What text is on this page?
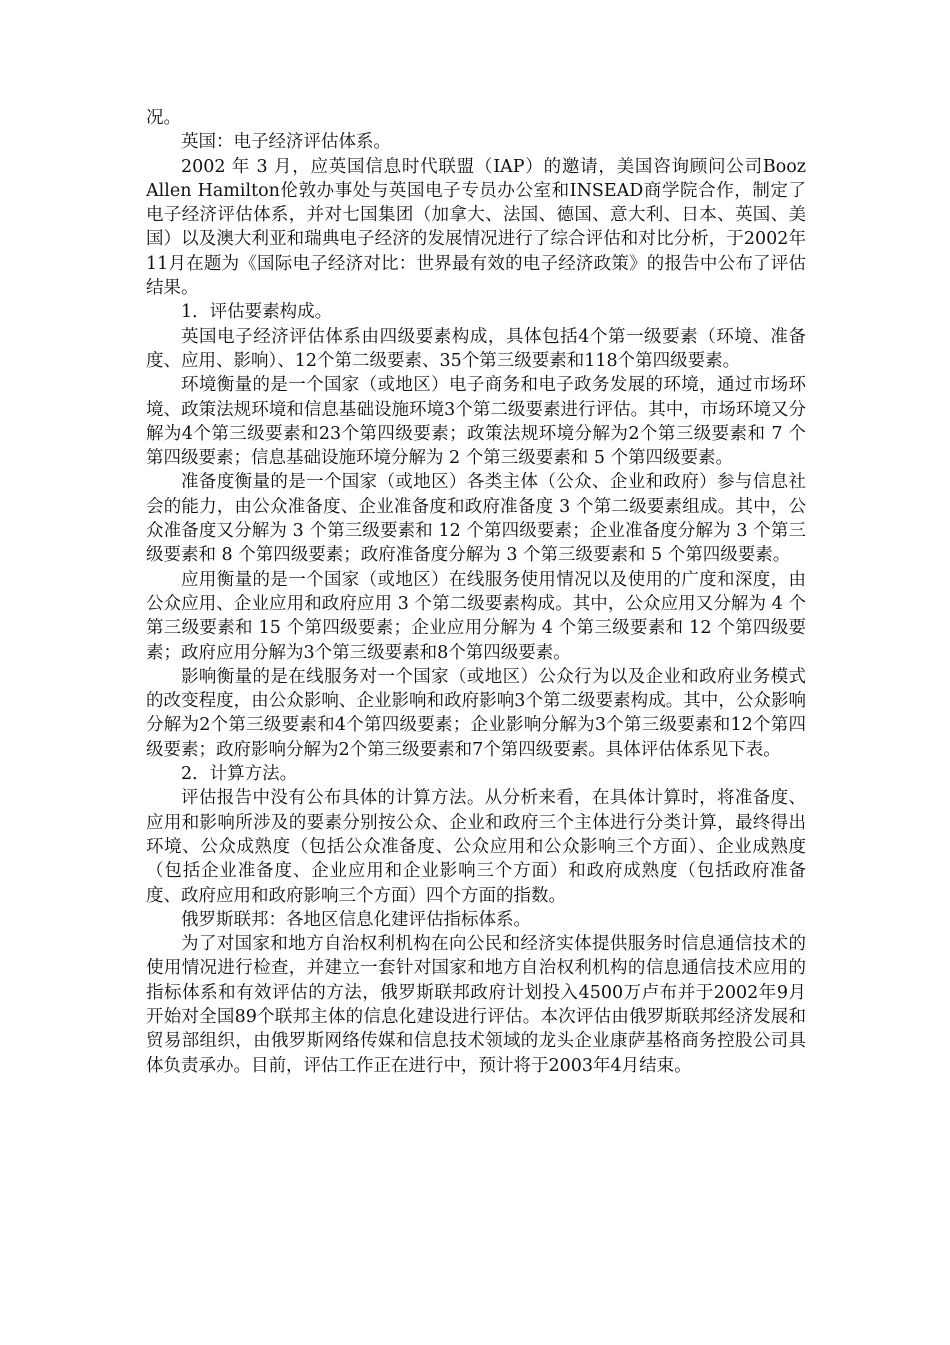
况。

英国：电子经济评估体系。

2002 年 3 月，应英国信息时代联盟（IAP）的邀请，美国咨询顾问公司Booz Allen Hamilton伦敦办事处与英国电子专员办公室和INSEAD商学院合作，制定了电子经济评估体系，并对七国集团（加拿大、法国、德国、意大利、日本、英国、美国）以及澳大利亚和瑞典电子经济的发展情况进行了综合评估和对比分析，于2002年11月在题为《国际电子经济对比：世界最有效的电子经济政策》的报告中公布了评估结果。

1．评估要素构成。

英国电子经济评估体系由四级要素构成，具体包括4个第一级要素（环境、准备度、应用、影响）、12个第二级要素、35个第三级要素和118个第四级要素。

环境衡量的是一个国家（或地区）电子商务和电子政务发展的环境，通过市场环境、政策法规环境和信息基础设施环境3个第二级要素进行评估。其中，市场环境又分解为4个第三级要素和23个第四级要素；政策法规环境分解为2个第三级要素和 7 个第四级要素；信息基础设施环境分解为 2 个第三级要素和 5 个第四级要素。

准备度衡量的是一个国家（或地区）各类主体（公众、企业和政府）参与信息社会的能力，由公众准备度、企业准备度和政府准备度 3 个第二级要素组成。其中，公众准备度又分解为 3 个第三级要素和 12 个第四级要素；企业准备度分解为 3 个第三级要素和 8 个第四级要素；政府准备度分解为 3 个第三级要素和 5 个第四级要素。

应用衡量的是一个国家（或地区）在线服务使用情况以及使用的广度和深度，由公众应用、企业应用和政府应用 3 个第二级要素构成。其中，公众应用又分解为 4 个第三级要素和 15 个第四级要素；企业应用分解为 4 个第三级要素和 12 个第四级要素；政府应用分解为3个第三级要素和8个第四级要素。

影响衡量的是在线服务对一个国家（或地区）公众行为以及企业和政府业务模式的改变程度，由公众影响、企业影响和政府影响3个第二级要素构成。其中，公众影响分解为2个第三级要素和4个第四级要素；企业影响分解为3个第三级要素和12个第四级要素；政府影响分解为2个第三级要素和7个第四级要素。具体评估体系见下表。

2．计算方法。

评估报告中没有公布具体的计算方法。从分析来看，在具体计算时，将准备度、应用和影响所涉及的要素分别按公众、企业和政府三个主体进行分类计算，最终得出环境、公众成熟度（包括公众准备度、公众应用和公众影响三个方面）、企业成熟度（包括企业准备度、企业应用和企业影响三个方面）和政府成熟度（包括政府准备度、政府应用和政府影响三个方面）四个方面的指数。

俄罗斯联邦：各地区信息化建评估指标体系。

为了对国家和地方自治权利机构在向公民和经济实体提供服务时信息通信技术的使用情况进行检查，并建立一套针对国家和地方自治权利机构的信息通信技术应用的指标体系和有效评估的方法，俄罗斯联邦政府计划投入4500万卢布并于2002年9月开始对全国89个联邦主体的信息化建设进行评估。本次评估由俄罗斯联邦经济发展和贸易部组织，由俄罗斯网络传媒和信息技术领域的龙头企业康萨基格商务控股公司具体负责承办。目前，评估工作正在进行中，预计将于2003年4月结束。
